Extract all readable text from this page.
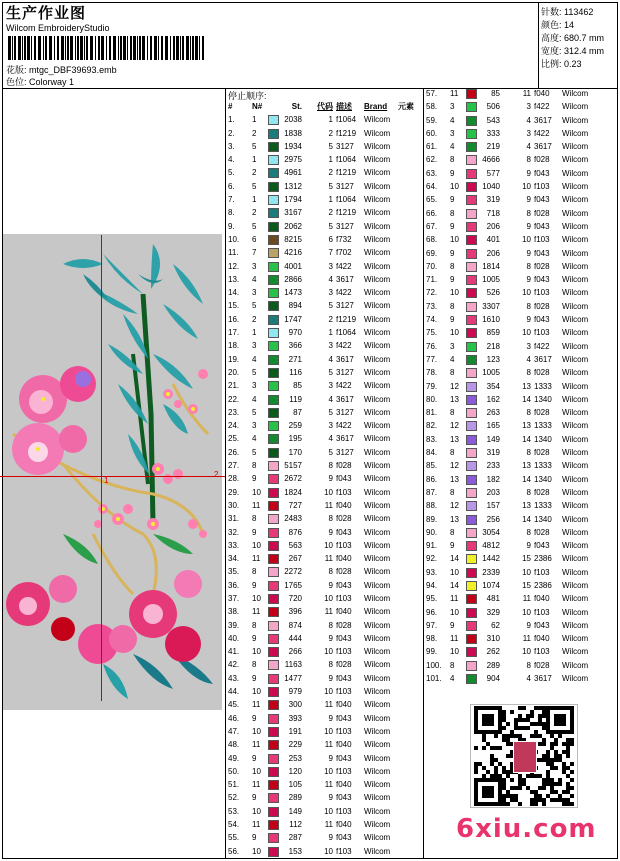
生产作业图
Wilcom EmbroideryStudio
花版: mtgc_DBF39693.emb
色位: Colorway 1
针数: 113462
颜色: 14
高度: 680.7 mm
宽度: 312.4 mm
比例: 0.23
1
2
停止顺序:
#	N#	St.	代码 描述	Brand	元素
1.	1	2038	1 f1064 Wilcom
2.	2	1838	2 f1219 Wilcom
3.	5	1934	5 3127	Wilcom
4.	1	2975	1 f1064 Wilcom
5.	2	4961	2 f1219 Wilcom
6.	5	1312	5 3127	Wilcom
7.	1	1794	1 f1064 Wilcom
8.	2	3167	2 f1219 Wilcom
9.	5	2062	5 3127	Wilcom
10.	6	8215	6 f732	Wilcom
11.	7	4216	7 f702	Wilcom
12.	3	4001	3 f422	Wilcom
13.	4	2866	4 3617	Wilcom
14.	3	1473	3 f422	Wilcom
15.	5	894	5 3127	Wilcom
16.	2	1747	2 f1219 Wilcom
17.	1	970	1 f1064 Wilcom
18.	3	366	3 f422	Wilcom
19.	4	271	4 3617	Wilcom
20.	5	116	5 3127	Wilcom
21.	3	85	3 f422	Wilcom
22.	4	119	4 3617	Wilcom
23.	5	87	5 3127	Wilcom
24.	3	259	3 f422	Wilcom
25.	4	195	4 3617	Wilcom
26.	5	170	5 3127	Wilcom
27.	8	5157	8 f028	Wilcom
28.	9	2672	9 f043	Wilcom
29.	10	1824	10 f103	Wilcom
30.	11	727	11 f040	Wilcom
31.	8	2483	8 f028	Wilcom
32.	9	876	9 f043	Wilcom
33.	10	563	10 f103	Wilcom
34.	11	267	11 f040	Wilcom
35.	8	2272	8 f028	Wilcom
36.	9	1765	9 f043	Wilcom
37.	10	720	10 f103	Wilcom
38.	11	396	11 f040	Wilcom
39.	8	874	8 f028	Wilcom
40.	9	444	9 f043	Wilcom
41.	10	266	10 f103	Wilcom
42.	8	1163	8 f028	Wilcom
43.	9	1477	9 f043	Wilcom
44.	10	979	10 f103	Wilcom
45.	11	300	11 f040	Wilcom
46.	9	393	9 f043	Wilcom
47.	10	191	10 f103	Wilcom
48.	11	229	11 f040	Wilcom
49.	9	253	9 f043	Wilcom
50.	10	120	10 f103	Wilcom
51.	11	105	11 f040	Wilcom
52.	9	289	9 f043	Wilcom
53.	10	149	10 f103	Wilcom
54.	11	112	11 f040	Wilcom
55.	9	287	9 f043	Wilcom
56.	10	153	10 f103	Wilcom
57.	11	85	11 f040	Wilcom
58.	3	506	3 f422	Wilcom
59.	4	543	4 3617	Wilcom
60.	3	333	3 f422	Wilcom
61.	4	219	4 3617	Wilcom
62.	8	4666	8 f028	Wilcom
63.	9	577	9 f043	Wilcom
64.	10	1040	10 f103	Wilcom
65.	9	319	9 f043	Wilcom
66.	8	718	8 f028	Wilcom
67.	9	206	9 f043	Wilcom
68.	10	401	10 f103	Wilcom
69.	9	206	9 f043	Wilcom
70.	8	1814	8 f028	Wilcom
71.	9	1005	9 f043	Wilcom
72.	10	526	10 f103	Wilcom
73.	8	3307	8 f028	Wilcom
74.	9	1610	9 f043	Wilcom
75.	10	859	10 f103	Wilcom
76.	3	218	3 f422	Wilcom
77.	4	123	4 3617	Wilcom
78.	8	1005	8 f028	Wilcom
79.	12	354	13 1333	Wilcom
80.	13	162	14 1340	Wilcom
81.	8	263	8 f028	Wilcom
82.	12	165	13 1333	Wilcom
83.	13	149	14 1340	Wilcom
84.	8	319	8 f028	Wilcom
85.	12	233	13 1333	Wilcom
86.	13	182	14 1340	Wilcom
87.	8	203	8 f028	Wilcom
88.	12	157	13 1333	Wilcom
89.	13	256	14 1340	Wilcom
90.	8	3054	8 f028	Wilcom
91.	9	4812	9 f043	Wilcom
92.	14	1442	15 2386	Wilcom
93.	10	2339	10 f103	Wilcom
94.	14	1074	15 2386	Wilcom
95.	11	481	11 f040	Wilcom
96.	10	329	10 f103	Wilcom
97.	9	62	9 f043	Wilcom
98.	11	310	11 f040	Wilcom
99.	10	262	10 f103	Wilcom
100.	8	289	8 f028	Wilcom
101.	4	904	4 3617	Wilcom
6xiu.com
